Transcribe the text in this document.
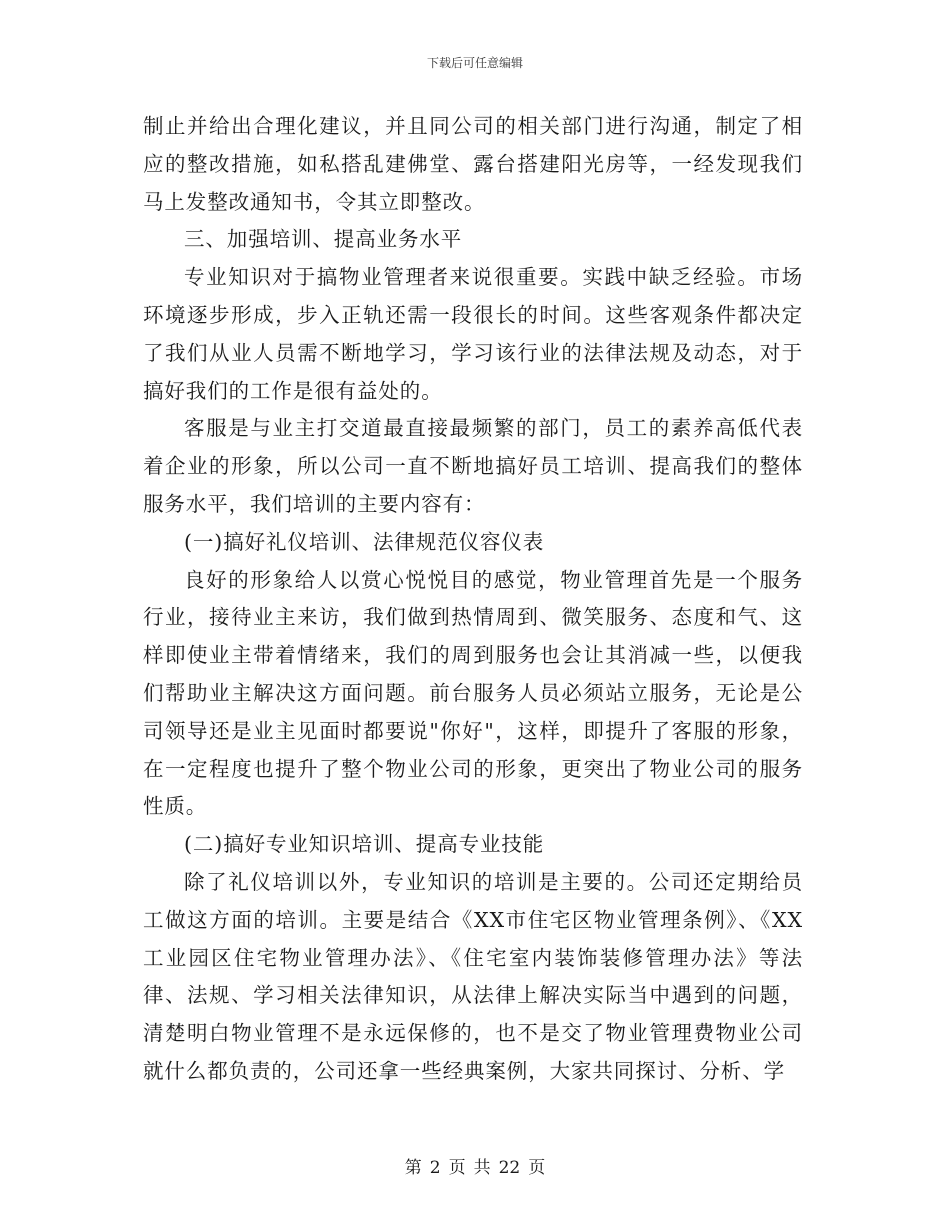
下载后可任意编辑

制止并给出合理化建议，并且同公司的相关部门进行沟通，制定了相应的整改措施，如私搭乱建佛堂、露台搭建阳光房等，一经发现我们马上发整改通知书，令其立即整改。

三、加强培训、提高业务水平

专业知识对于搞物业管理者来说很重要。实践中缺乏经验。市场环境逐步形成，步入正轨还需一段很长的时间。这些客观条件都决定了我们从业人员需不断地学习，学习该行业的法律法规及动态，对于搞好我们的工作是很有益处的。

客服是与业主打交道最直接最频繁的部门，员工的素养高低代表着企业的形象，所以公司一直不断地搞好员工培训、提高我们的整体服务水平，我们培训的主要内容有：

(一)搞好礼仪培训、法律规范仪容仪表

良好的形象给人以赏心悦悦目的感觉，物业管理首先是一个服务行业，接待业主来访，我们做到热情周到、微笑服务、态度和气、这样即使业主带着情绪来，我们的周到服务也会让其消减一些，以便我们帮助业主解决这方面问题。前台服务人员必须站立服务，无论是公司领导还是业主见面时都要说"你好"，这样，即提升了客服的形象，在一定程度也提升了整个物业公司的形象，更突出了物业公司的服务性质。

(二)搞好专业知识培训、提高专业技能

除了礼仪培训以外，专业知识的培训是主要的。公司还定期给员工做这方面的培训。主要是结合《XX市住宅区物业管理条例》、《XX工业园区住宅物业管理办法》、《住宅室内装饰装修管理办法》等法律、法规、学习相关法律知识，从法律上解决实际当中遇到的问题，清楚明白物业管理不是永远保修的，也不是交了物业管理费物业公司就什么都负责的，公司还拿一些经典案例，大家共同探讨、分析、学

第 2 页 共 22 页
